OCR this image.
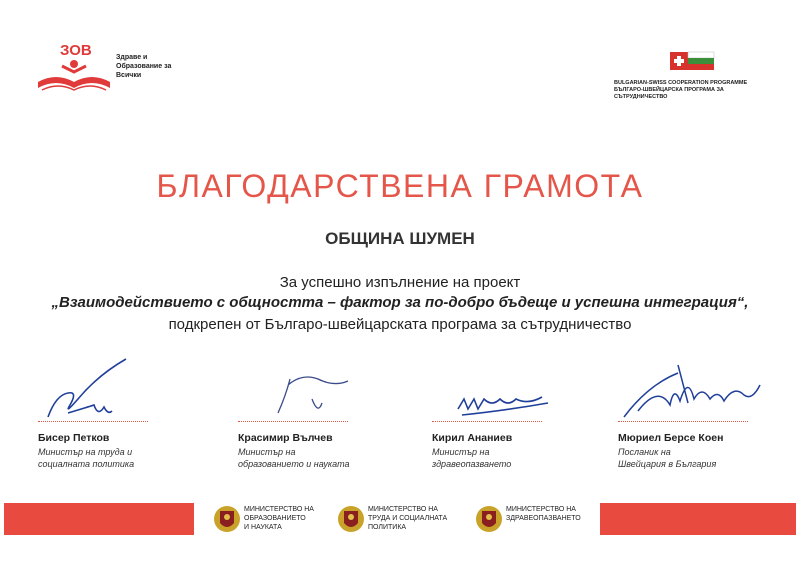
ЗОВ	Здраве и
Образование за
Всички
BULGARIAN-SWISS COOPERATION PROGRAMME
БЪЛГАРО-ШВЕЙЦАРСКА ПРОГРАМА ЗА СЪТРУДНИЧЕСТВО
БЛАГОДАРСТВЕНА ГРАМОТА
ОБЩИНА ШУМЕН
За успешно изпълнение на проект
„Взаимодействието с общността – фактор за по-добро бъдеще и успешна интеграция“,
подкрепен от Българо-швейцарската програма за сътрудничество
Бисер Петков
Министър на труда и
социалната политика
Красимир Вълчев
Министър на
образованието и науката
Кирил Ананиев
Министър на
здравеопазването
Мюриел Берсе Коен
Посланик на
Швейцария в България
МИНИСТЕРСТВО НА
ОБРАЗОВАНИЕТО
И НАУКАТА
МИНИСТЕРСТВО НА
ТРУДА И СОЦИАЛНАТА
ПОЛИТИКА
МИНИСТЕРСТВО НА
ЗДРАВЕОПАЗВАНЕТО
